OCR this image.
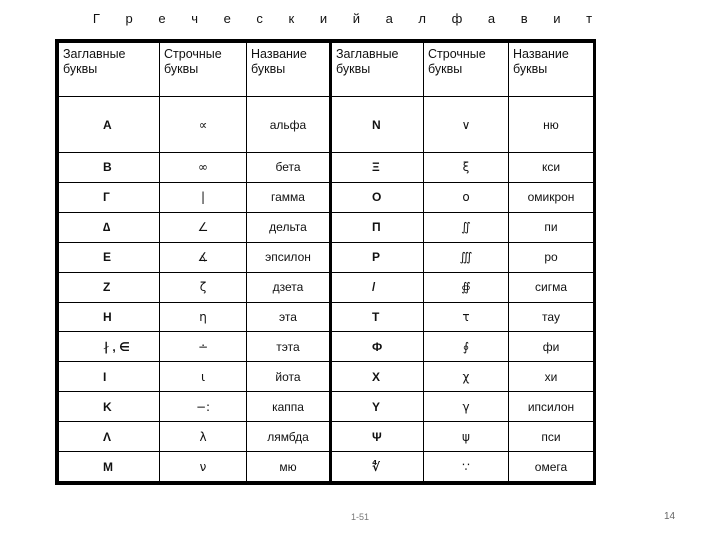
Г р е ч е с к и й а л ф а в и т
Заглавные буквы	Строчные буквы	Название буквы	Заглавные буквы	Строчные буквы	Название буквы
A	∝	альфа	N	∨	ню
B	∞	бета	Ξ	ξ	кси
Г	|	гамма	O	o	омикрон
∆	∠	дельта	П	∬	пи
E	∡	эпсилон	P	∭	ро
Z	ζ	дзета	/	∯	сигма
H	η	эта	T	τ	тау
∤ , ∈	∸	тэта	Ф	∮	фи
I	ι	йота	X	χ	хи
K	−:	каппа	Y	γ	ипсилон
Λ	λ	лямбда	Ψ	ψ	пси
M	ν	мю	∜	∵	омега
1-51	14
